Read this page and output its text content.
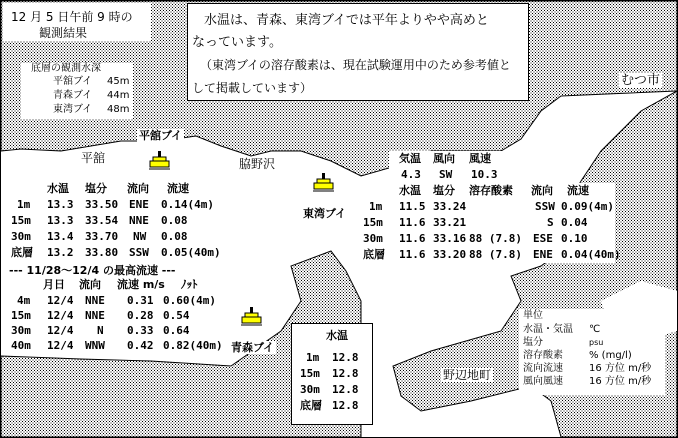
12 月 5 日午前 9 時の
観測結果
底層の観測水深
平舘ブイ 45m
青森ブイ 44m
東湾ブイ 48m
水温は、青森、東湾ブイでは平年よりやや高めと
なっています。
（東湾ブイの溶存酸素は、現在試験運用中のため参考値と
して掲載しています）	むつ市
平舘	脇野沢
野辺地町
平舘ブイ
東湾ブイ
青森ブイ
水温 塩分 流向 流速
1m 13.3 33.50 ENE 0.14(4m)
15m 13.3 33.54 NNE 0.08
30m 13.4 33.70 NW 0.08
底層 13.2 33.80 SSW 0.05(40m)
--- 11/28～12/4 の最高流速 ---
月日 流向 流速 m/s ﾉｯﾄ
4m 12/4 NNE 0.31 0.60(4m)
15m 12/4 NNE 0.28 0.54
30m 12/4 N 0.33 0.64
40m 12/4 WNW 0.42 0.82(40m)
気温 風向 風速
4.3 SW 10.3
水温 塩分 溶存酸素 流向 流速
1m 11.5 33.24	SSW 0.09(4m)
15m 11.6 33.21	S 0.04
30m 11.6 33.16 88 (7.8) ESE 0.10
底層 11.6 33.20 88 (7.8) ENE 0.04(40m)
水温
1m 12.8
15m 12.8
30m 12.8
底層 12.8
単位
水温・気温 ℃
塩分	psu
溶存酸素	% (mg/l)
流向流速	16 方位 m/秒
風向風速	16 方位 m/秒
